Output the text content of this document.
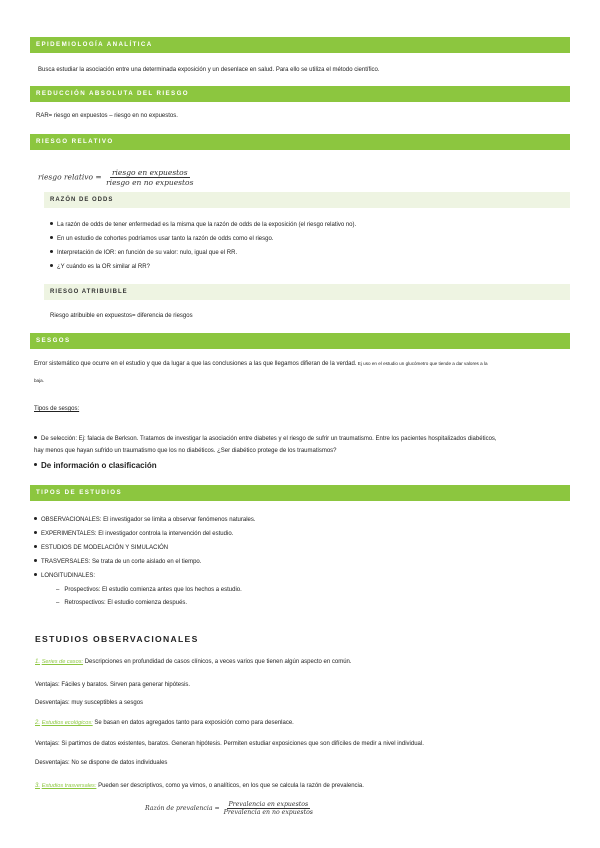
EPIDEMIOLOGÍA ANALÍTICA
Busca estudiar la asociación entre una determinada exposición y un desenlace en salud. Para ello se utiliza el método científico.
REDUCCIÓN ABSOLUTA DEL RIESGO
RAR= riesgo en expuestos – riesgo en no expuestos.
RIESGO RELATIVO
riesgo relativo = $\frac{\text{riesgo en expuestos}}{\text{riesgo en no expuestos}}$
RAZÓN DE ODDS
La razón de odds de tener enfermedad es la misma que la razón de odds de la exposición (el riesgo relativo no).
En un estudio de cohortes podríamos usar tanto la razón de odds como el riesgo.
Interpretación de IOR: en función de su valor: nulo, igual que el RR.
¿Y cuándo es la OR similar al RR?
RIESGO ATRIBUIBLE
Riesgo atribuible en expuestos= diferencia de riesgos
SESGOS
Error sistemático que ocurre en el estudio y que da lugar a que las conclusiones a las que llegamos difieran de la verdad. Ej uso en el estudio un glucómetro que tiende a dar valores a la
baja.
Tipos de sesgos:
De selección: Ej: falacia de Berkson. Tratamos de investigar la asociación entre diabetes y el riesgo de sufrir un traumatismo. Entre los pacientes hospitalizados diabéticos,
hay menos que hayan sufrido un traumatismo que los no diabéticos. ¿Ser diabético protege de los traumatismos?
De información o clasificación
TIPOS DE ESTUDIOS
OBSERVACIONALES: El investigador se limita a observar fenómenos naturales.
EXPERIMENTALES: El investigador controla la intervención del estudio.
ESTUDIOS DE MODELACIÓN Y SIMULACIÓN
TRASVERSALES: Se trata de un corte aislado en el tiempo.
LONGITUDINALES:
–   Prospectivos: El estudio comienza antes que los hechos a estudio.
–   Retrospectivos: El estudio comienza después.
ESTUDIOS OBSERVACIONALES
1. Series de casos: Descripciones en profundidad de casos clínicos, a veces varios que tienen algún aspecto en común.
Ventajas: Fáciles y baratos. Sirven para generar hipótesis.
Desventajas: muy susceptibles a sesgos
2. Estudios ecológicos: Se basan en datos agregados tanto para exposición como para desenlace.
Ventajas: Si partimos de datos existentes, baratos. Generan hipótesis. Permiten estudiar exposiciones que son difíciles de medir a nivel individual.
Desventajas: No se dispone de datos individuales
3. Estudios trasversales: Pueden ser descriptivos, como ya vimos, o analíticos, en los que se calcula la razón de prevalencia.
Razón de prevalencia = $\frac{\text{Prevalencia en expuestos}}{\text{Prevalencia en no expuestos}}$
